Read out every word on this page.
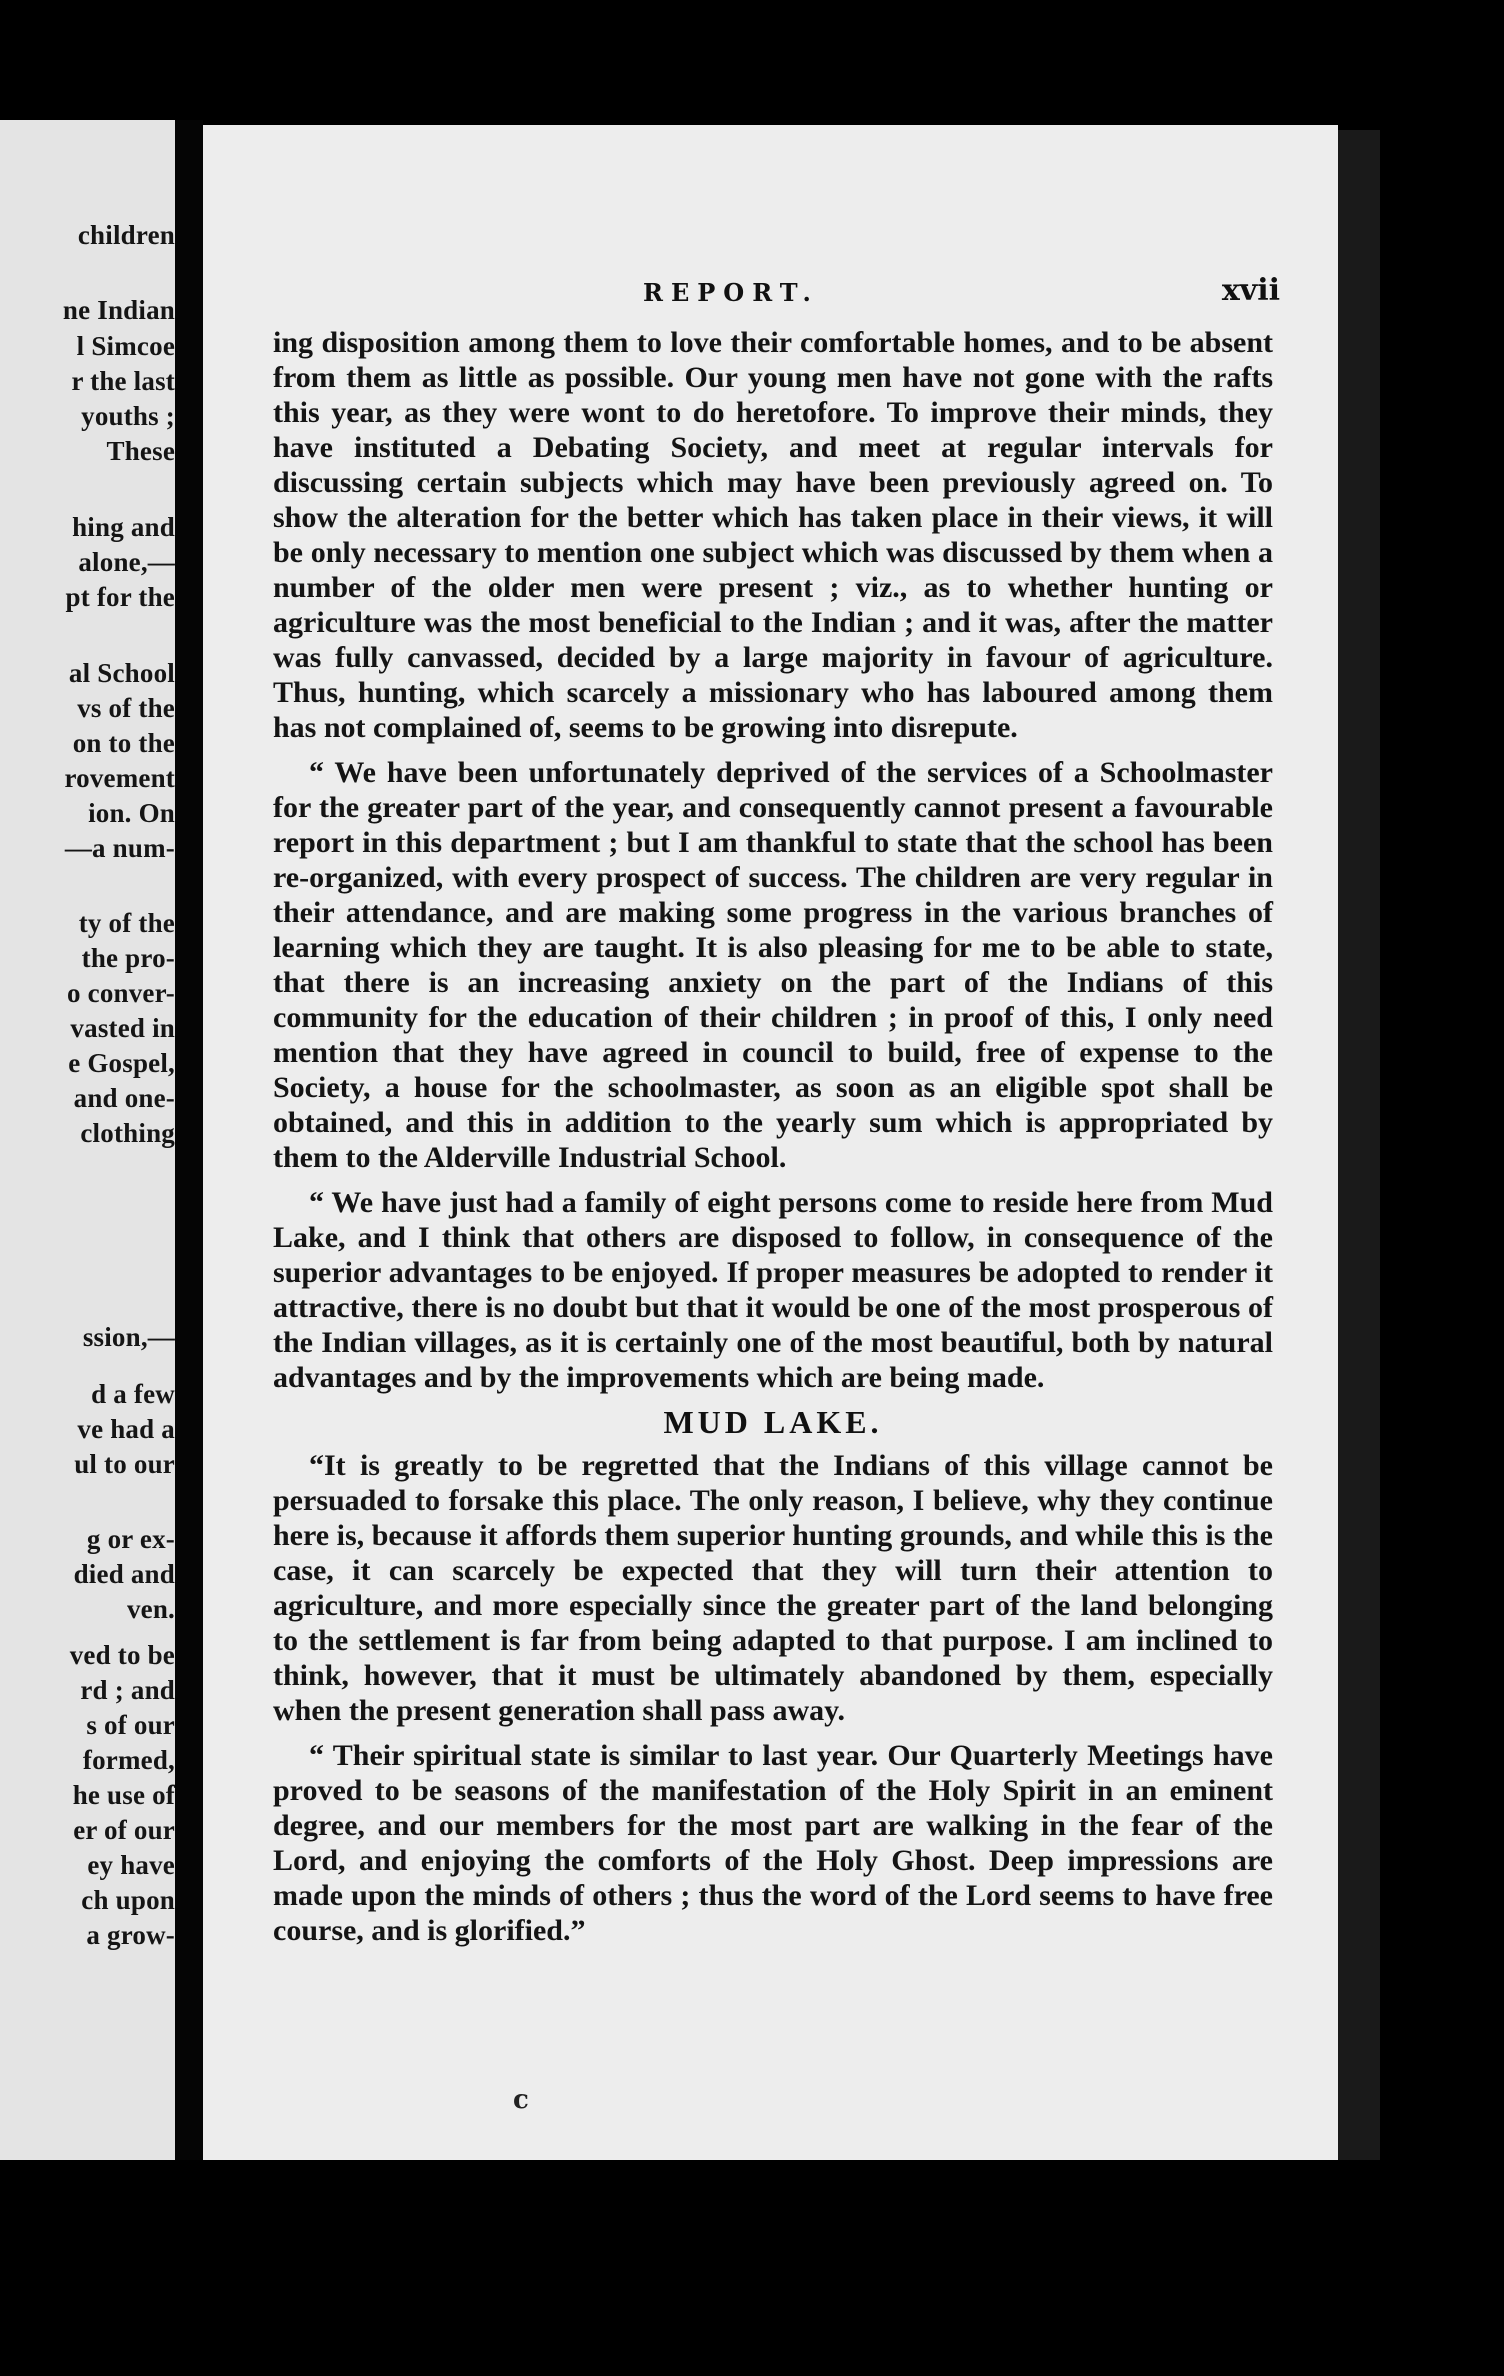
children
ne Indian
l Simcoe
r the last
youths ;
These
hing and
alone,—
pt for the
al School
vs of the
on to the
rovement
ion. On
—a num-
ty of the
the pro-
o conver-
vasted in
e Gospel,
and one-
clothing
ssion,—
d a few
ve had a
ul to our
g or ex-
died and
ven.
ved to be
rd ; and
s of our
formed,
he use of
er of our
ey have
ch upon
a grow-
REPORT.	xvii

ing disposition among them to love their comfortable homes, and to be absent from them as little as possible. Our young men have not gone with the rafts this year, as they were wont to do heretofore. To improve their minds, they have instituted a Debating Society, and meet at regular intervals for discussing certain subjects which may have been previously agreed on. To show the alteration for the better which has taken place in their views, it will be only necessary to mention one subject which was discussed by them when a number of the older men were present ; viz., as to whether hunting or agriculture was the most beneficial to the Indian ; and it was, after the matter was fully canvassed, decided by a large majority in favour of agriculture. Thus, hunting, which scarcely a missionary who has laboured among them has not complained of, seems to be growing into disrepute.

“ We have been unfortunately deprived of the services of a Schoolmaster for the greater part of the year, and consequently cannot present a favourable report in this department ; but I am thankful to state that the school has been re-organized, with every prospect of success. The children are very regular in their attendance, and are making some progress in the various branches of learning which they are taught. It is also pleasing for me to be able to state, that there is an increasing anxiety on the part of the Indians of this community for the education of their children ; in proof of this, I only need mention that they have agreed in council to build, free of expense to the Society, a house for the schoolmaster, as soon as an eligible spot shall be obtained, and this in addition to the yearly sum which is appropriated by them to the Alderville Industrial School.

“ We have just had a family of eight persons come to reside here from Mud Lake, and I think that others are disposed to follow, in consequence of the superior advantages to be enjoyed. If proper measures be adopted to render it attractive, there is no doubt but that it would be one of the most prosperous of the Indian villages, as it is certainly one of the most beautiful, both by natural advantages and by the improvements which are being made.

MUD LAKE.

“It is greatly to be regretted that the Indians of this village cannot be persuaded to forsake this place. The only reason, I believe, why they continue here is, because it affords them superior hunting grounds, and while this is the case, it can scarcely be expected that they will turn their attention to agriculture, and more especially since the greater part of the land belonging to the settlement is far from being adapted to that purpose. I am inclined to think, however, that it must be ultimately abandoned by them, especially when the present generation shall pass away.

“ Their spiritual state is similar to last year. Our Quarterly Meetings have proved to be seasons of the manifestation of the Holy Spirit in an eminent degree, and our members for the most part are walking in the fear of the Lord, and enjoying the comforts of the Holy Ghost. Deep impressions are made upon the minds of others ; thus the word of the Lord seems to have free course, and is glorified.”

c
